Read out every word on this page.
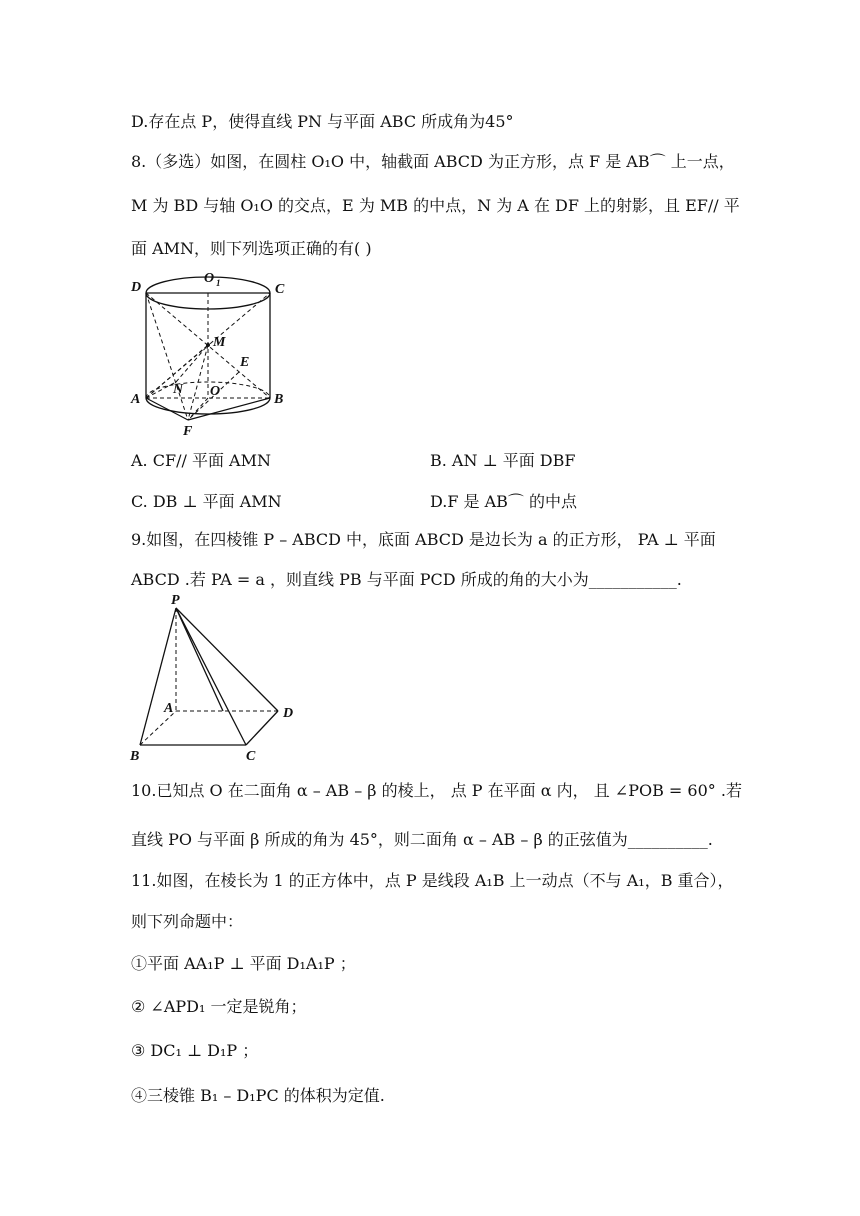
D.存在点 P，使得直线 PN 与平面 ABC 所成角为45°
8.（多选）如图，在圆柱 O₁O 中，轴截面 ABCD 为正方形，点 F 是 AB⌒ 上一点，
M 为 BD 与轴 O₁O 的交点，E 为 MB 的中点，N 为 A 在 DF 上的射影，且 EF// 平
面 AMN，则下列选项正确的有( )
D
O 1	C
M
E
N O
A	B
F
A. CF// 平面 AMN	B. AN ⊥ 平面 DBF
C. DB ⊥ 平面 AMN	D.F 是 AB⌒ 的中点
9.如图，在四棱锥 P – ABCD 中，底面 ABCD 是边长为 a 的正方形， PA ⊥ 平面
ABCD .若 PA = a ，则直线 PB 与平面 PCD 所成的角的大小为___________.
P
A	D
B	C
10.已知点 O 在二面角 α – AB – β 的棱上， 点 P 在平面 α 内， 且 ∠POB = 60° .若
直线 PO 与平面 β 所成的角为 45°，则二面角 α – AB – β 的正弦值为__________.
11.如图，在棱长为 1 的正方体中，点 P 是线段 A₁B 上一动点（不与 A₁，B 重合），
则下列命题中：
①平面 AA₁P ⊥ 平面 D₁A₁P ；
② ∠APD₁ 一定是锐角；
③ DC₁ ⊥ D₁P ；
④三棱锥 B₁ – D₁PC 的体积为定值.
